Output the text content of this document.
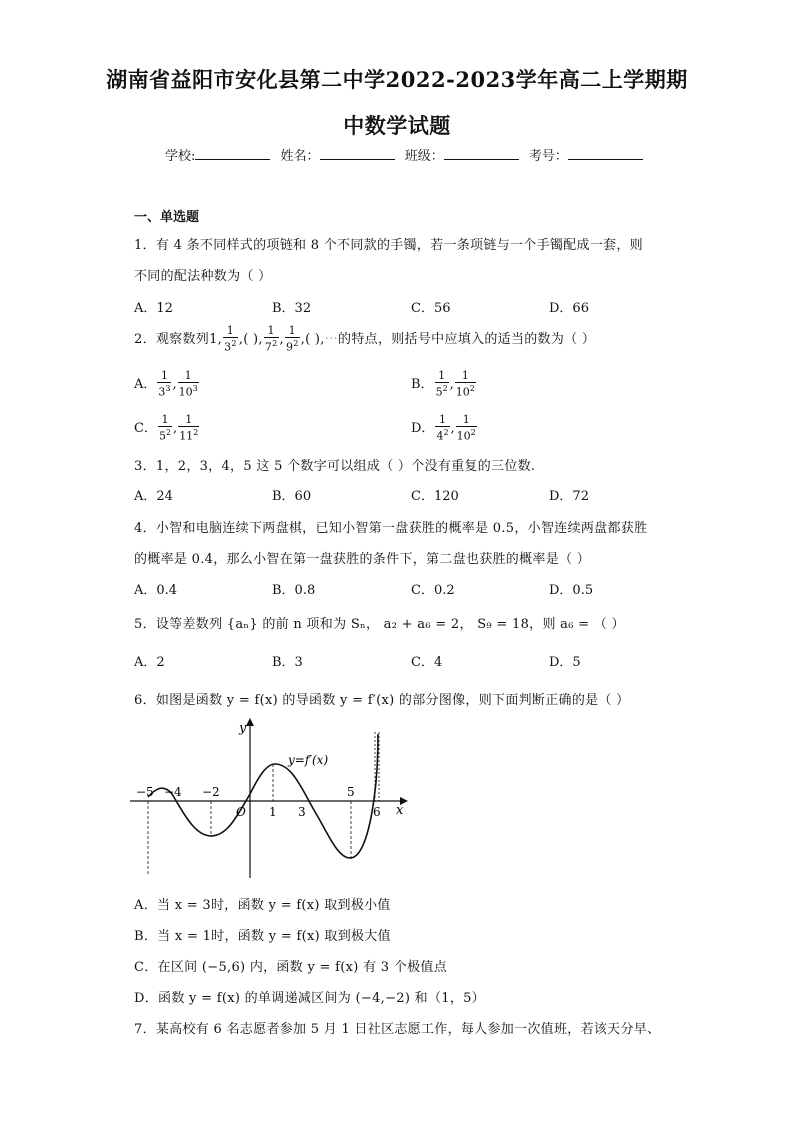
湖南省益阳市安化县第二中学2022-2023学年高二上学期期
中数学试题
学校:	姓名：	班级：	考号：
一、单选题
1．有 4 条不同样式的项链和 8 个不同款的手镯，若一条项链与一个手镯配成一套，则
不同的配法种数为（ ）
A．12	B．32	C．56	D．66
2．观察数列1, $\frac{1}{3^2}$ ,( ), $\frac{1}{7^2}$ , $\frac{1}{9^2}$ ,( ),⋯的特点，则括号中应填入的适当的数为（ ）
A． $\frac{1}{3^3}$ , $\frac{1}{10^3}$	B． $\frac{1}{5^2}$ , $\frac{1}{10^2}$
C． $\frac{1}{5^2}$ , $\frac{1}{11^2}$	D． $\frac{1}{4^2}$ , $\frac{1}{10^2}$
3．1，2，3，4，5 这 5 个数字可以组成（ ）个没有重复的三位数.
A．24	B．60	C．120	D．72
4．小智和电脑连续下两盘棋，已知小智第一盘获胜的概率是 0.5，小智连续两盘都获胜
的概率是 0.4，那么小智在第一盘获胜的条件下，第二盘也获胜的概率是（ ）
A．0.4	B．0.8	C．0.2	D．0.5
5．设等差数列 {aₙ} 的前 n 项和为 Sₙ， a₂ + a₆ = 2， S₉ = 18，则 a₆ = （ ）
A．2	B．3	C．4	D．5
6．如图是函数 y = f(x) 的导函数 y = f′(x) 的部分图像，则下面判断正确的是（ ）
x
y
−5 −4 −2
O 1 3
5
6
y=f′(x)
A．当 x = 3时，函数 y = f(x) 取到极小值
B．当 x = 1时，函数 y = f(x) 取到极大值
C．在区间 (−5,6) 内，函数 y = f(x) 有 3 个极值点
D．函数 y = f(x) 的单调递减区间为 (−4,−2) 和（1，5）
7．某高校有 6 名志愿者参加 5 月 1 日社区志愿工作，每人参加一次值班，若该天分早、
